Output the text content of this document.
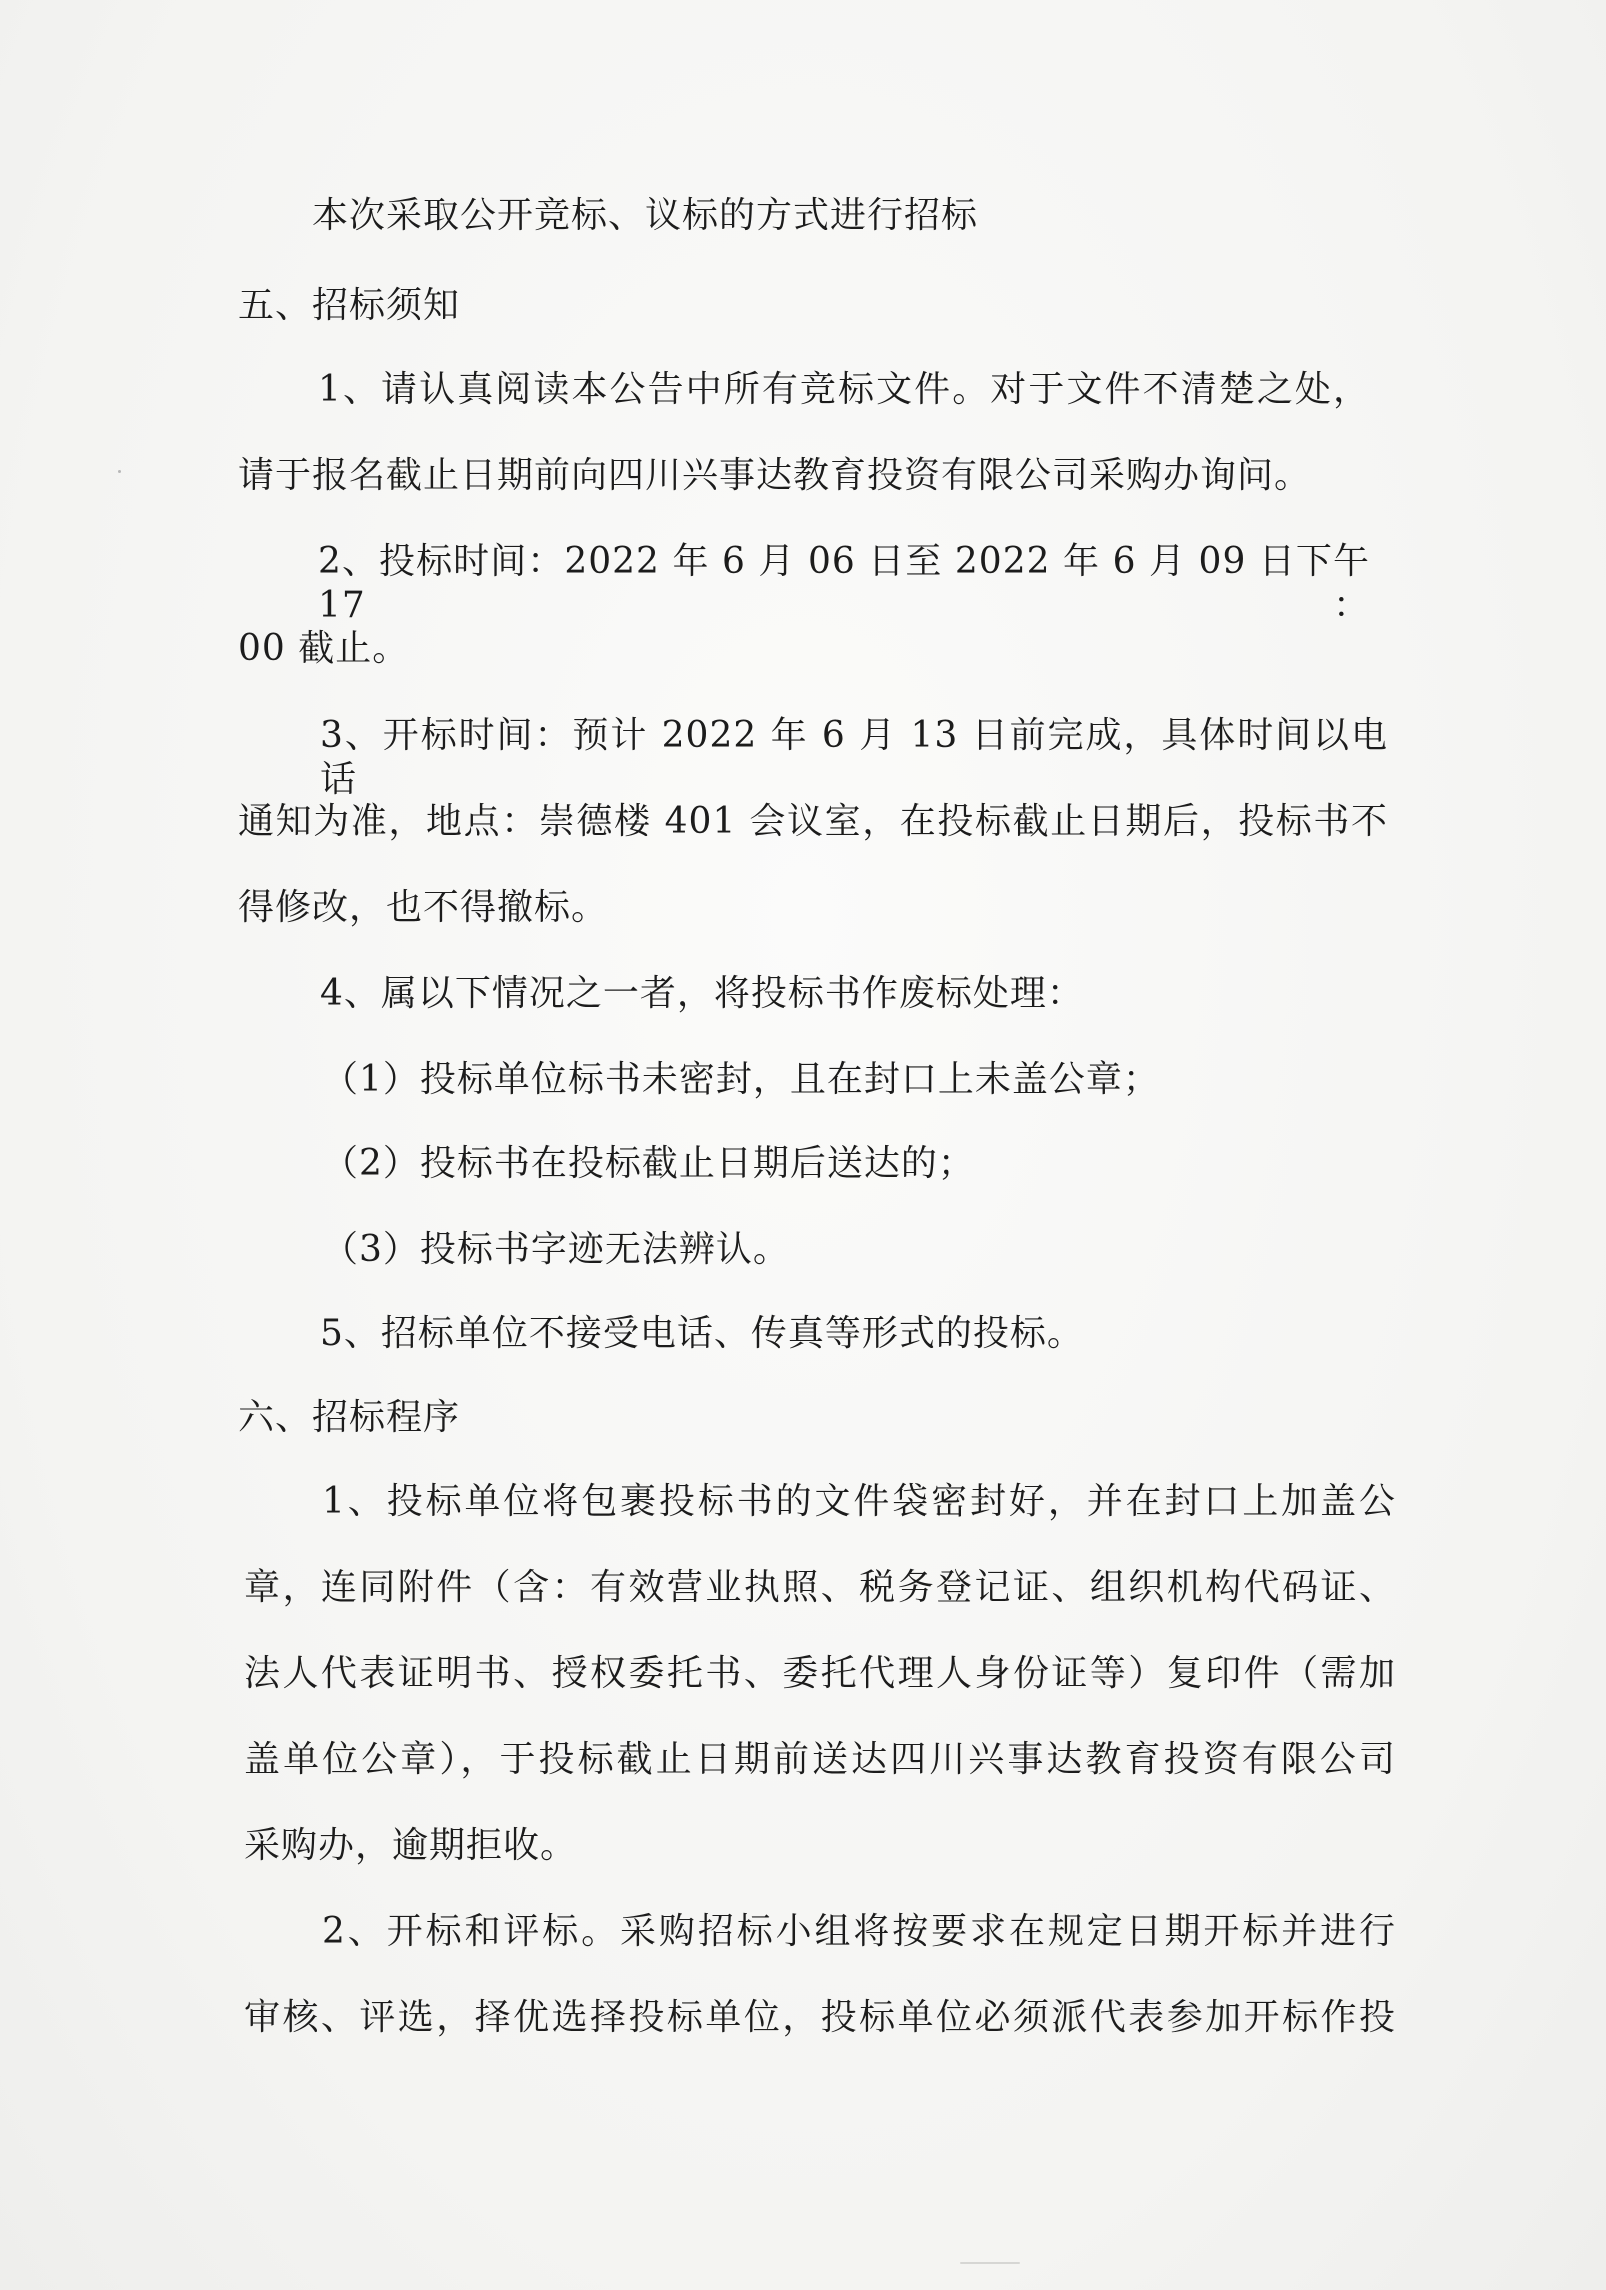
本次采取公开竞标、议标的方式进行招标
五、招标须知
1、请认真阅读本公告中所有竞标文件。对于文件不清楚之处，
请于报名截止日期前向四川兴事达教育投资有限公司采购办询问。
2、投标时间：2022 年 6 月 06 日至 2022 年 6 月 09 日下午 17：
00 截止。
3、开标时间：预计 2022 年 6 月 13 日前完成，具体时间以电话
通知为准，地点：崇德楼 401 会议室，在投标截止日期后，投标书不
得修改，也不得撤标。
4、属以下情况之一者，将投标书作废标处理：
（1）投标单位标书未密封，且在封口上未盖公章；
（2）投标书在投标截止日期后送达的；
（3）投标书字迹无法辨认。
5、招标单位不接受电话、传真等形式的投标。
六、招标程序
1、投标单位将包裹投标书的文件袋密封好，并在封口上加盖公
章，连同附件（含：有效营业执照、税务登记证、组织机构代码证、
法人代表证明书、授权委托书、委托代理人身份证等）复印件（需加
盖单位公章），于投标截止日期前送达四川兴事达教育投资有限公司
采购办，逾期拒收。
2、开标和评标。采购招标小组将按要求在规定日期开标并进行
审核、评选，择优选择投标单位，投标单位必须派代表参加开标作投
